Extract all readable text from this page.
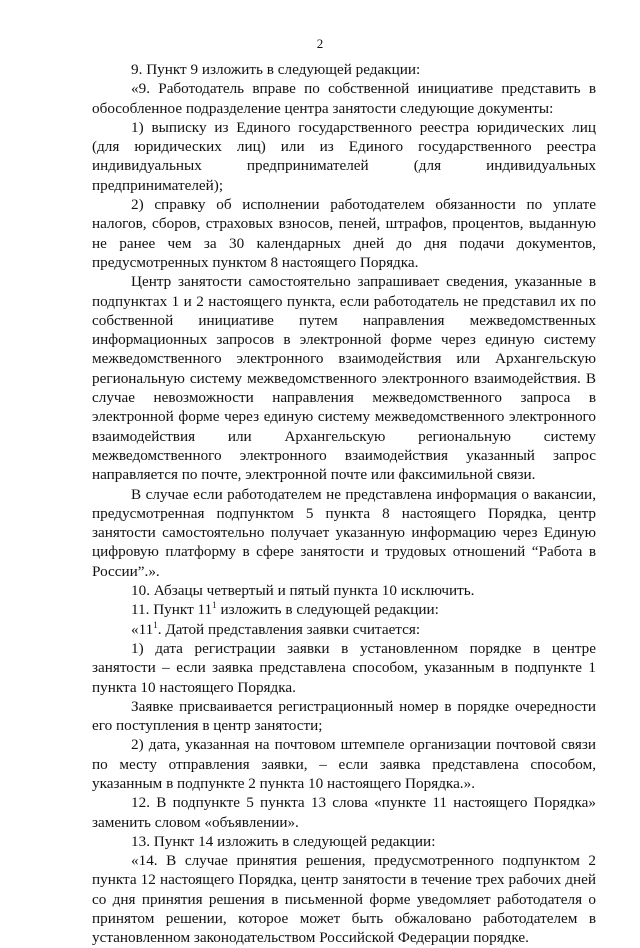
2

9. Пункт 9 изложить в следующей редакции:

«9. Работодатель вправе по собственной инициативе представить в обособленное подразделение центра занятости следующие документы:

1) выписку из Единого государственного реестра юридических лиц (для юридических лиц) или из Единого государственного реестра индивидуальных предпринимателей (для индивидуальных предпринимателей);

2) справку об исполнении работодателем обязанности по уплате налогов, сборов, страховых взносов, пеней, штрафов, процентов, выданную не ранее чем за 30 календарных дней до дня подачи документов, предусмотренных пунктом 8 настоящего Порядка.

Центр занятости самостоятельно запрашивает сведения, указанные в подпунктах 1 и 2 настоящего пункта, если работодатель не представил их по собственной инициативе путем направления межведомственных информационных запросов в электронной форме через единую систему межведомственного электронного взаимодействия или Архангельскую региональную систему межведомственного электронного взаимодействия. В случае невозможности направления межведомственного запроса в электронной форме через единую систему межведомственного электронного взаимодействия или Архангельскую региональную систему межведомственного электронного взаимодействия указанный запрос направляется по почте, электронной почте или факсимильной связи.

В случае если работодателем не представлена информация о вакансии, предусмотренная подпунктом 5 пункта 8 настоящего Порядка, центр занятости самостоятельно получает указанную информацию через Единую цифровую платформу в сфере занятости и трудовых отношений “Работа в России”.».

10. Абзацы четвертый и пятый пункта 10 исключить.

11. Пункт $11^1$ изложить в следующей редакции:

«$11^1$. Датой представления заявки считается:

1) дата регистрации заявки в установленном порядке в центре занятости – если заявка представлена способом, указанным в подпункте 1 пункта 10 настоящего Порядка.

Заявке присваивается регистрационный номер в порядке очередности его поступления в центр занятости;

2) дата, указанная на почтовом штемпеле организации почтовой связи по месту отправления заявки, – если заявка представлена способом, указанным в подпункте 2 пункта 10 настоящего Порядка.».

12. В подпункте 5 пункта 13 слова «пункте 11 настоящего Порядка» заменить словом «объявлении».

13. Пункт 14 изложить в следующей редакции:

«14. В случае принятия решения, предусмотренного подпунктом 2 пункта 12 настоящего Порядка, центр занятости в течение трех рабочих дней со дня принятия решения в письменной форме уведомляет работодателя о принятом решении, которое может быть обжаловано работодателем в установленном законодательством Российской Федерации порядке.
